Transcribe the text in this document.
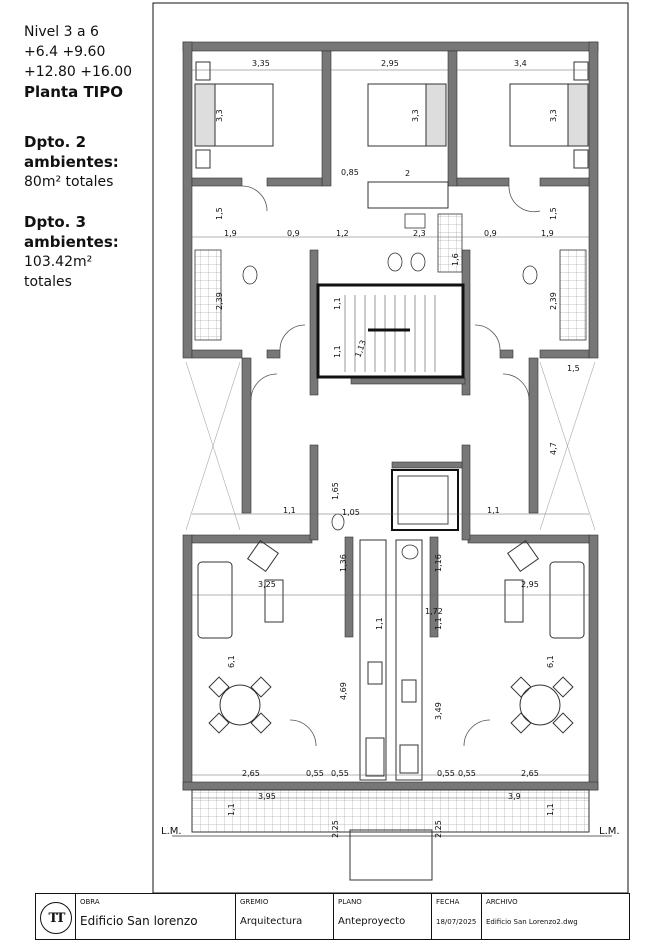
Nivel 3 a 6
+6.4 +9.60
+12.80 +16.00
Planta TIPO
Dpto. 2
ambientes:
80m² totales
Dpto. 3
ambientes:
103.42m²
totales
3,35	2,95	3,4
3,3	3,3	3,3
0,85	2
1,5	1,5
1,9	0,9	1,2	2,3	0,9	1,9
1,6
2,39	2,39
1,1
1,1 1,13
1,5
4,7
1,65
1,05
1,1	1,1
3,25
1,36	1,16
2,95
1,72
1,1	1,1
6,1	6,1
4,69
3,49
2,65	0,55 0,55	0,55 0,55	2,65
3,95	3,9
1,1	1,1
2,25	2,25
L.M.	L.M.
TT
OBRA
Edificio San lorenzo
GREMIO
Arquitectura
PLANO
Anteproyecto
FECHA
18/07/2025
ARCHIVO
Edificio San Lorenzo2.dwg
